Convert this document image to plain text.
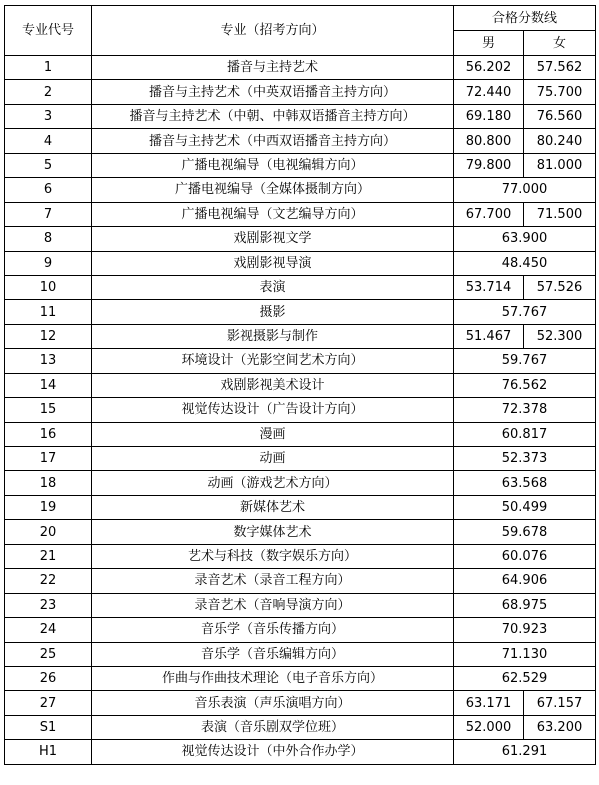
专业代号	专业（招考方向）	合格分数线	
		男	女
1	播音与主持艺术	56.202	57.562
2	播音与主持艺术（中英双语播音主持方向）	72.440	75.700
3	播音与主持艺术（中朝、中韩双语播音主持方向）	69.180	76.560
4	播音与主持艺术（中西双语播音主持方向）	80.800	80.240
5	广播电视编导（电视编辑方向）	79.800	81.000
6	广播电视编导（全媒体摄制方向）	77.000	
7	广播电视编导（文艺编导方向）	67.700	71.500
8	戏剧影视文学	63.900	
9	戏剧影视导演	48.450	
10	表演	53.714	57.526
11	摄影	57.767	
12	影视摄影与制作	51.467	52.300
13	环境设计（光影空间艺术方向）	59.767	
14	戏剧影视美术设计	76.562	
15	视觉传达设计（广告设计方向）	72.378	
16	漫画	60.817	
17	动画	52.373	
18	动画（游戏艺术方向）	63.568	
19	新媒体艺术	50.499	
20	数字媒体艺术	59.678	
21	艺术与科技（数字娱乐方向）	60.076	
22	录音艺术（录音工程方向）	64.906	
23	录音艺术（音响导演方向）	68.975	
24	音乐学（音乐传播方向）	70.923	
25	音乐学（音乐编辑方向）	71.130	
26	作曲与作曲技术理论（电子音乐方向）	62.529	
27	音乐表演（声乐演唱方向）	63.171	67.157
S1	表演（音乐剧双学位班）	52.000	63.200
H1	视觉传达设计（中外合作办学）	61.291	
